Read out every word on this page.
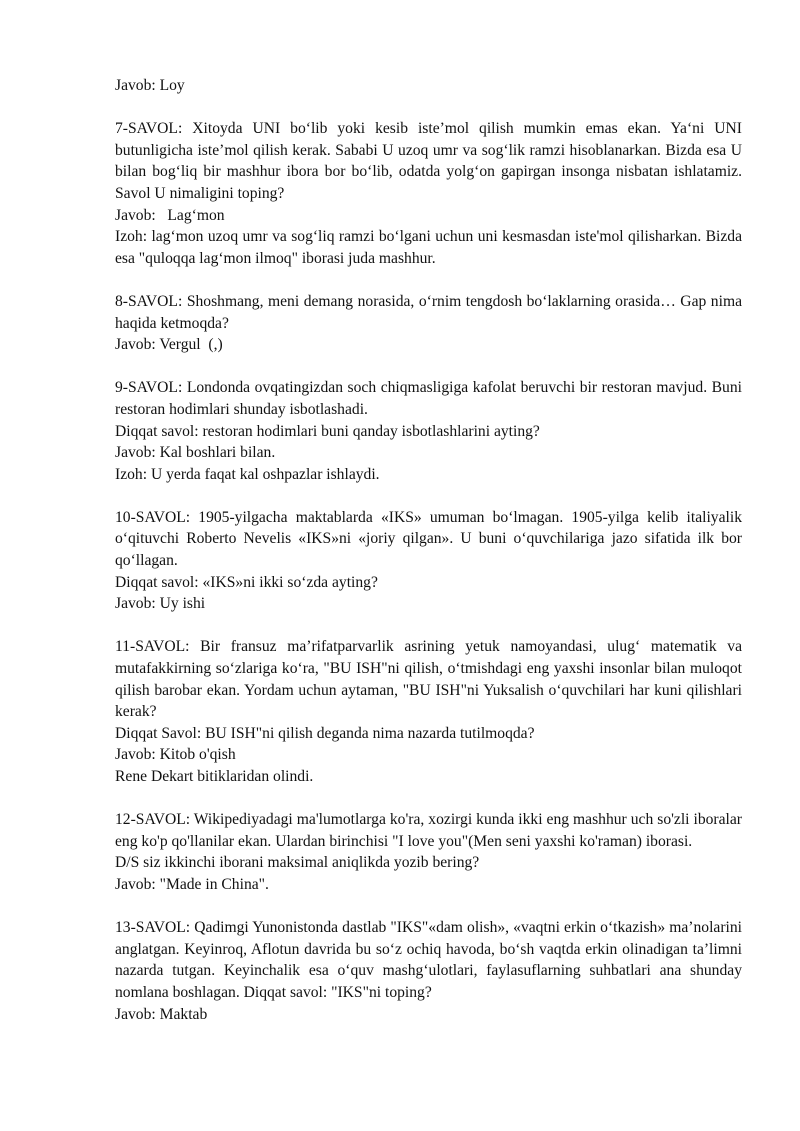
Javob: Loy

7-SAVOL: Xitoyda UNI bo‘lib yoki kesib iste’mol qilish mumkin emas ekan. Ya‘ni UNI butunligicha iste’mol qilish kerak. Sababi U uzoq umr va sog‘lik ramzi hisoblanarkan. Bizda esa U bilan bog‘liq bir mashhur ibora bor bo‘lib, odatda yolg‘on gapirgan insonga nisbatan ishlatamiz. Savol U nimaligini toping?

Javob:   Lag‘mon

Izoh: lag‘mon uzoq umr va sog‘liq ramzi bo‘lgani uchun uni kesmasdan iste'mol qilisharkan. Bizda esa "quloqqa lag‘mon ilmoq" iborasi juda mashhur.

8-SAVOL: Shoshmang, meni demang norasida, o‘rnim tengdosh bo‘laklarning orasida… Gap nima haqida ketmoqda?

Javob: Vergul  (,)

9-SAVOL: Londonda ovqatingizdan soch chiqmasligiga kafolat beruvchi bir restoran mavjud. Buni restoran hodimlari shunday isbotlashadi.

Diqqat savol: restoran hodimlari buni qanday isbotlashlarini ayting?
Javob: Kal boshlari bilan.
Izoh: U yerda faqat kal oshpazlar ishlaydi.

10-SAVOL: 1905-yilgacha maktablarda «IKS» umuman bo‘lmagan. 1905-yilga kelib italiyalik o‘qituvchi Roberto Nevelis «IKS»ni «joriy qilgan». U buni o‘quvchilariga jazo sifatida ilk bor qo‘llagan.

Diqqat savol: «IKS»ni ikki so‘zda ayting?
Javob: Uy ishi

11-SAVOL: Bir fransuz ma’rifatparvarlik asrining yetuk namoyandasi, ulug‘ matematik va mutafakkirning so‘zlariga ko‘ra, "BU ISH"ni qilish, o‘tmishdagi eng yaxshi insonlar bilan muloqot qilish barobar ekan. Yordam uchun aytaman, "BU ISH"ni Yuksalish o‘quvchilari har kuni qilishlari kerak?

Diqqat Savol: BU ISH"ni qilish deganda nima nazarda tutilmoqda?
Javob: Kitob o'qish
Rene Dekart bitiklaridan olindi.

12-SAVOL: Wikipediyadagi ma'lumotlarga ko'ra, xozirgi kunda ikki eng mashhur uch so'zli iboralar eng ko'p qo'llanilar ekan. Ulardan birinchisi "I love you"(Men seni yaxshi ko'raman) iborasi.

D/S siz ikkinchi iborani maksimal aniqlikda yozib bering?
Javob: "Made in China".

13-SAVOL: Qadimgi Yunonistonda dastlab "IKS"«dam olish», «vaqtni erkin o‘tkazish» ma’nolarini anglatgan. Keyinroq, Aflotun davrida bu so‘z ochiq havoda, bo‘sh vaqtda erkin olinadigan ta’limni nazarda tutgan. Keyinchalik esa o‘quv mashg‘ulotlari, faylasuflarning suhbatlari ana shunday nomlana boshlagan. Diqqat savol: "IKS"ni toping?

Javob: Maktab
